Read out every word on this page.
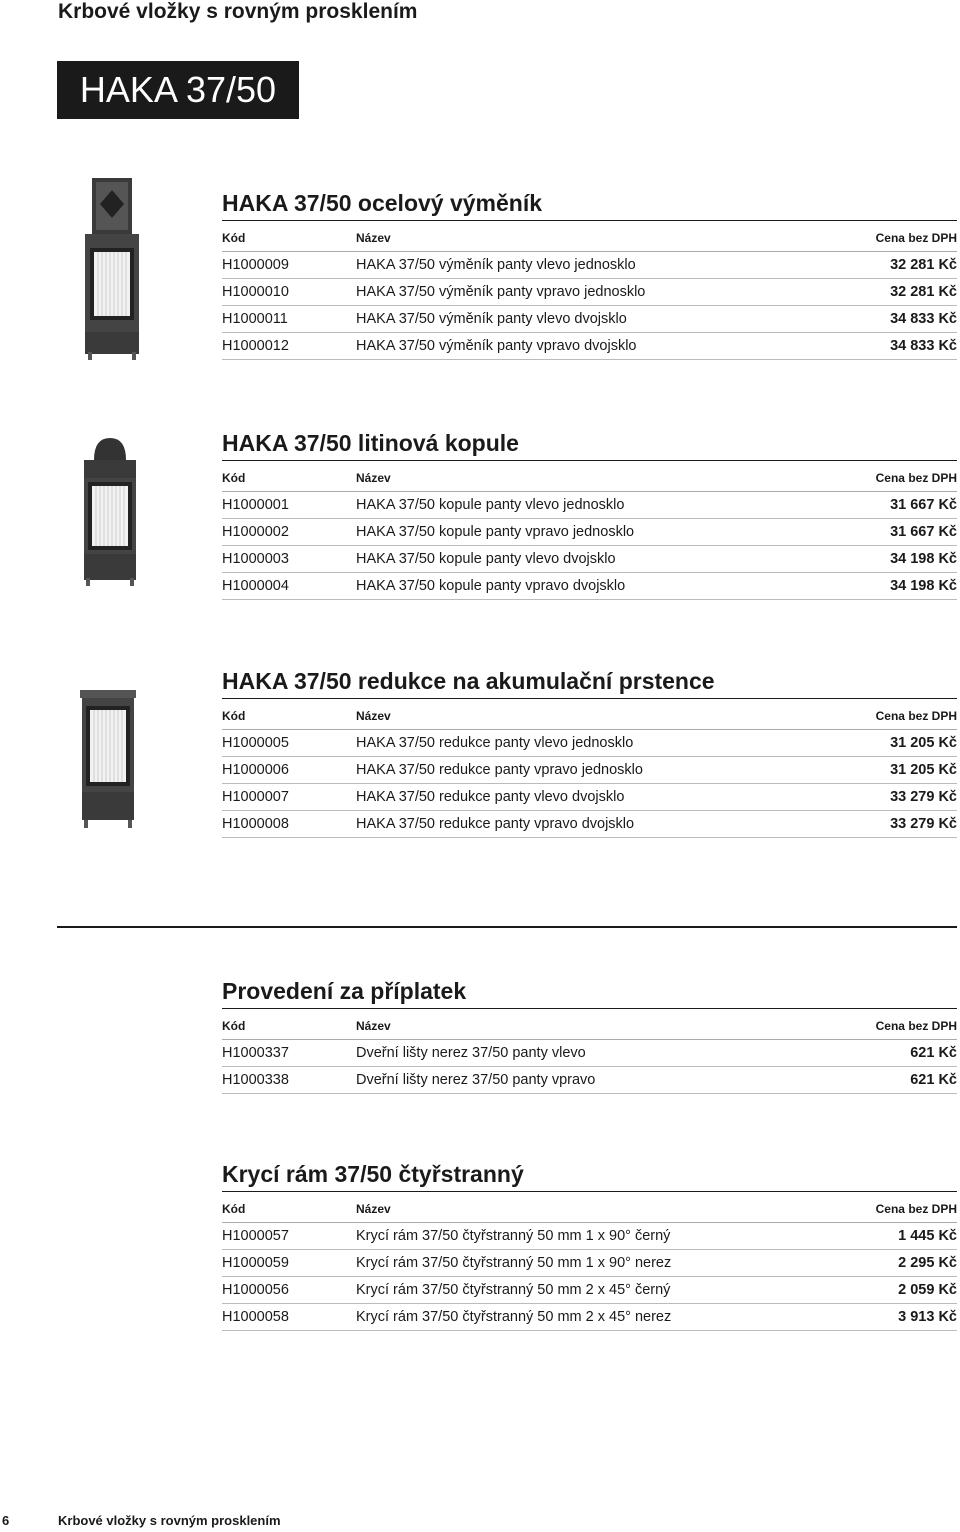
Krbové vložky s rovným prosklením
HAKA 37/50
HAKA 37/50 ocelový výměník
Kód	Název	Cena bez DPH
H1000009	HAKA 37/50 výměník panty vlevo jednosklo	32 281 Kč
H1000010	HAKA 37/50 výměník panty vpravo jednosklo	32 281 Kč
H1000011	HAKA 37/50 výměník panty vlevo dvojsklo	34 833 Kč
H1000012	HAKA 37/50 výměník panty vpravo dvojsklo	34 833 Kč
HAKA 37/50 litinová kopule
Kód	Název	Cena bez DPH
H1000001	HAKA 37/50 kopule panty vlevo jednosklo	31 667 Kč
H1000002	HAKA 37/50 kopule panty vpravo jednosklo	31 667 Kč
H1000003	HAKA 37/50 kopule panty vlevo dvojsklo	34 198 Kč
H1000004	HAKA 37/50 kopule panty vpravo dvojsklo	34 198 Kč
HAKA 37/50 redukce na akumulační prstence
Kód	Název	Cena bez DPH
H1000005	HAKA 37/50 redukce panty vlevo jednosklo	31 205 Kč
H1000006	HAKA 37/50 redukce panty vpravo jednosklo	31 205 Kč
H1000007	HAKA 37/50 redukce panty vlevo dvojsklo	33 279 Kč
H1000008	HAKA 37/50 redukce panty vpravo dvojsklo	33 279 Kč
Provedení za příplatek
Kód	Název	Cena bez DPH
H1000337	Dveřní lišty nerez 37/50 panty vlevo	621 Kč
H1000338	Dveřní lišty nerez 37/50 panty vpravo	621 Kč
Krycí rám 37/50 čtyřstranný
Kód	Název	Cena bez DPH
H1000057	Krycí rám 37/50 čtyřstranný 50 mm 1 x 90° černý	1 445 Kč
H1000059	Krycí rám 37/50 čtyřstranný 50 mm 1 x 90° nerez	2 295 Kč
H1000056	Krycí rám 37/50 čtyřstranný 50 mm 2 x 45° černý	2 059 Kč
H1000058	Krycí rám 37/50 čtyřstranný 50 mm 2 x 45° nerez	3 913 Kč
6	Krbové vložky s rovným prosklením
